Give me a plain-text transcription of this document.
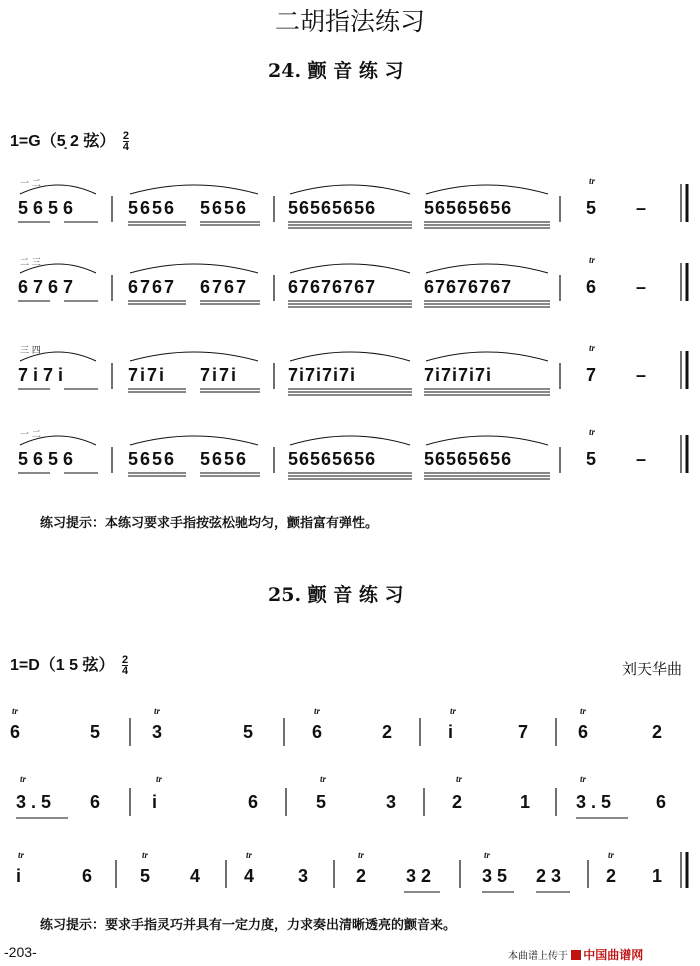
二胡指法练习
24. 颤 音 练 习
1=G（5̣ 2 弦） $\frac{2}{4}$
一 二
5 6 5 6	5656 5656 56565656	56565656
tr
5 –
二 三
6 7 6 7	6767 6767 67676767	67676767
tr
6 –
三 四
7 i 7 i	7i7i 7i7i	7i7i7i7i	7i7i7i7i
tr
7 –
一 二
5 6 5 6	5656 5656 56565656	56565656
tr
5 –
练习提示：本练习要求手指按弦松驰均匀，颤指富有弹性。
25. 颤 音 练 习
1=D（1 5 弦） $\frac{2}{4}$	刘天华曲
6	5	3	5	6	2	i	7	6	2
tr	tr	tr	tr	tr
3 . 5 6	i	6	5	3	2	1	3 . 5 6
tr	tr	tr	tr	tr
i	6	5 4 4 3	2 3 2	3 5 2 3 2 1
tr	tr	tr	tr	tr	tr
练习提示：要求手指灵巧并具有一定力度，力求奏出清晰透亮的颤音来。
-203-	本曲谱上传于 中国曲谱网
